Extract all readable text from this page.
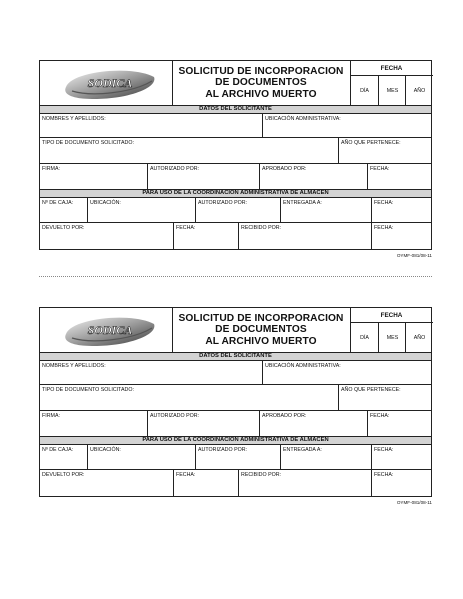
SODICA
SOLICITUD DE INCORPORACION
DE DOCUMENTOS
AL ARCHIVO MUERTO
FECHA
DÍA	MES	AÑO
DATOS DEL SOLICITANTE
NOMBRES Y APELLIDOS:	UBICACIÓN ADMINISTRATIVA:
TIPO DE DOCUMENTO SOLICITADO:	AÑO QUE PERTENECE:
FIRMA:	AUTORIZADO POR:	APROBADO POR:	FECHA:
PARA USO DE LA COORDINACIÓN ADMINISTRATIVA DE ALMACÉN
Nº DE CAJA:	UBICACIÓN:	AUTORIZADO POR:	ENTREGADA A:	FECHA:
DEVUELTO POR:	FECHA:	RECIBIDO POR:	FECHA:
OYMF-081/08-11
SODICA
SOLICITUD DE INCORPORACION
DE DOCUMENTOS
AL ARCHIVO MUERTO
FECHA
DÍA	MES	AÑO
DATOS DEL SOLICITANTE
NOMBRES Y APELLIDOS:	UBICACIÓN ADMINISTRATIVA:
TIPO DE DOCUMENTO SOLICITADO:	AÑO QUE PERTENECE:
FIRMA:	AUTORIZADO POR:	APROBADO POR:	FECHA:
PARA USO DE LA COORDINACIÓN ADMINISTRATIVA DE ALMACÉN
Nº DE CAJA:	UBICACIÓN:	AUTORIZADO POR:	ENTREGADA A:	FECHA:
DEVUELTO POR:	FECHA:	RECIBIDO POR:	FECHA:
OYMF-081/08-11
